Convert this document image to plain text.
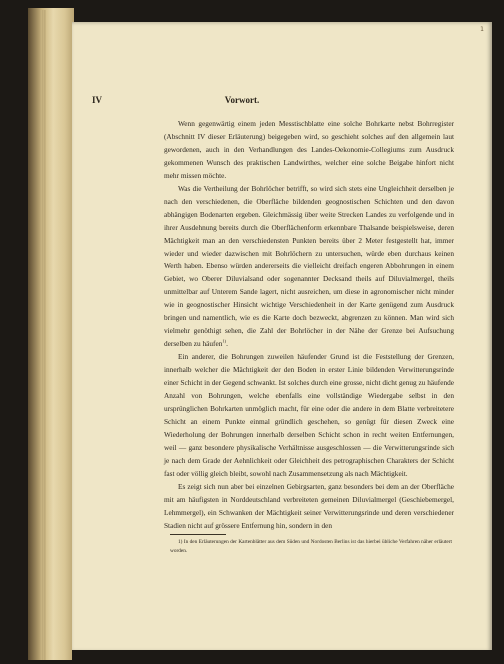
1
IV	Vorwort.

Wenn gegenwärtig einem jeden Messtischblatte eine solche Bohrkarte nebst Bohrregister (Abschnitt IV dieser Erläuterung) beigegeben wird, so geschieht solches auf den allgemein laut gewordenen, auch in den Verhandlungen des Landes-Oekonomie-Collegiums zum Ausdruck gekommenen Wunsch des praktischen Landwirthes, welcher eine solche Beigabe hinfort nicht mehr missen möchte.

Was die Vertheilung der Bohrlöcher betrifft, so wird sich stets eine Ungleichheit derselben je nach den verschiedenen, die Oberfläche bildenden geognostischen Schichten und den davon abhängigen Bodenarten ergeben. Gleichmässig über weite Strecken Landes zu verfolgende und in ihrer Ausdehnung bereits durch die Oberflächenform erkennbare Thalsande beispielsweise, deren Mächtigkeit man an den verschiedensten Punkten bereits über 2 Meter festgestellt hat, immer wieder und wieder dazwischen mit Bohrlöchern zu untersuchen, würde eben durchaus keinen Werth haben. Ebenso würden andererseits die vielleicht dreifach engeren Abbohrungen in einem Gebiet, wo Oberer Diluvialsand oder sogenannter Decksand theils auf Diluvialmergel, theils unmittelbar auf Unterem Sande lagert, nicht ausreichen, um diese in agronomischer nicht minder wie in geognostischer Hinsicht wichtige Verschiedenheit in der Karte genügend zum Ausdruck bringen und namentlich, wie es die Karte doch bezweckt, abgrenzen zu können. Man wird sich vielmehr genöthigt sehen, die Zahl der Bohrlöcher in der Nähe der Grenze bei Aufsuchung derselben zu häufen$^{1)}$.

Ein anderer, die Bohrungen zuweilen häufender Grund ist die Feststellung der Grenzen, innerhalb welcher die Mächtigkeit der den Boden in erster Linie bildenden Verwitterungsrinde einer Schicht in der Gegend schwankt. Ist solches durch eine grosse, nicht dicht genug zu häufende Anzahl von Bohrungen, welche ebenfalls eine vollständige Wiedergabe selbst in den ursprünglichen Bohrkarten unmöglich macht, für eine oder die andere in dem Blatte verbreitetere Schicht an einem Punkte einmal gründlich geschehen, so genügt für diesen Zweck eine Wiederholung der Bohrungen innerhalb derselben Schicht schon in recht weiten Entfernungen, weil — ganz besondere physikalische Verhältnisse ausgeschlossen — die Verwitterungsrinde sich je nach dem Grade der Aehnlichkeit oder Gleichheit des petrographischen Charakters der Schicht fast oder völlig gleich bleibt, sowohl nach Zusammensetzung als nach Mächtigkeit.

Es zeigt sich nun aber bei einzelnen Gebirgsarten, ganz besonders bei dem an der Oberfläche mit am häufigsten in Norddeutschland verbreiteten gemeinen Diluvialmergel (Geschiebemergel, Lehmmergel), ein Schwanken der Mächtigkeit seiner Verwitterungsrinde und deren verschiedener Stadien nicht auf grössere Entfernung hin, sondern in den

1) In den Erläuterungen der Kartenblätter aus dem Süden und Nordosten Berlins ist das hierbei übliche Verfahren näher erläutert worden.
